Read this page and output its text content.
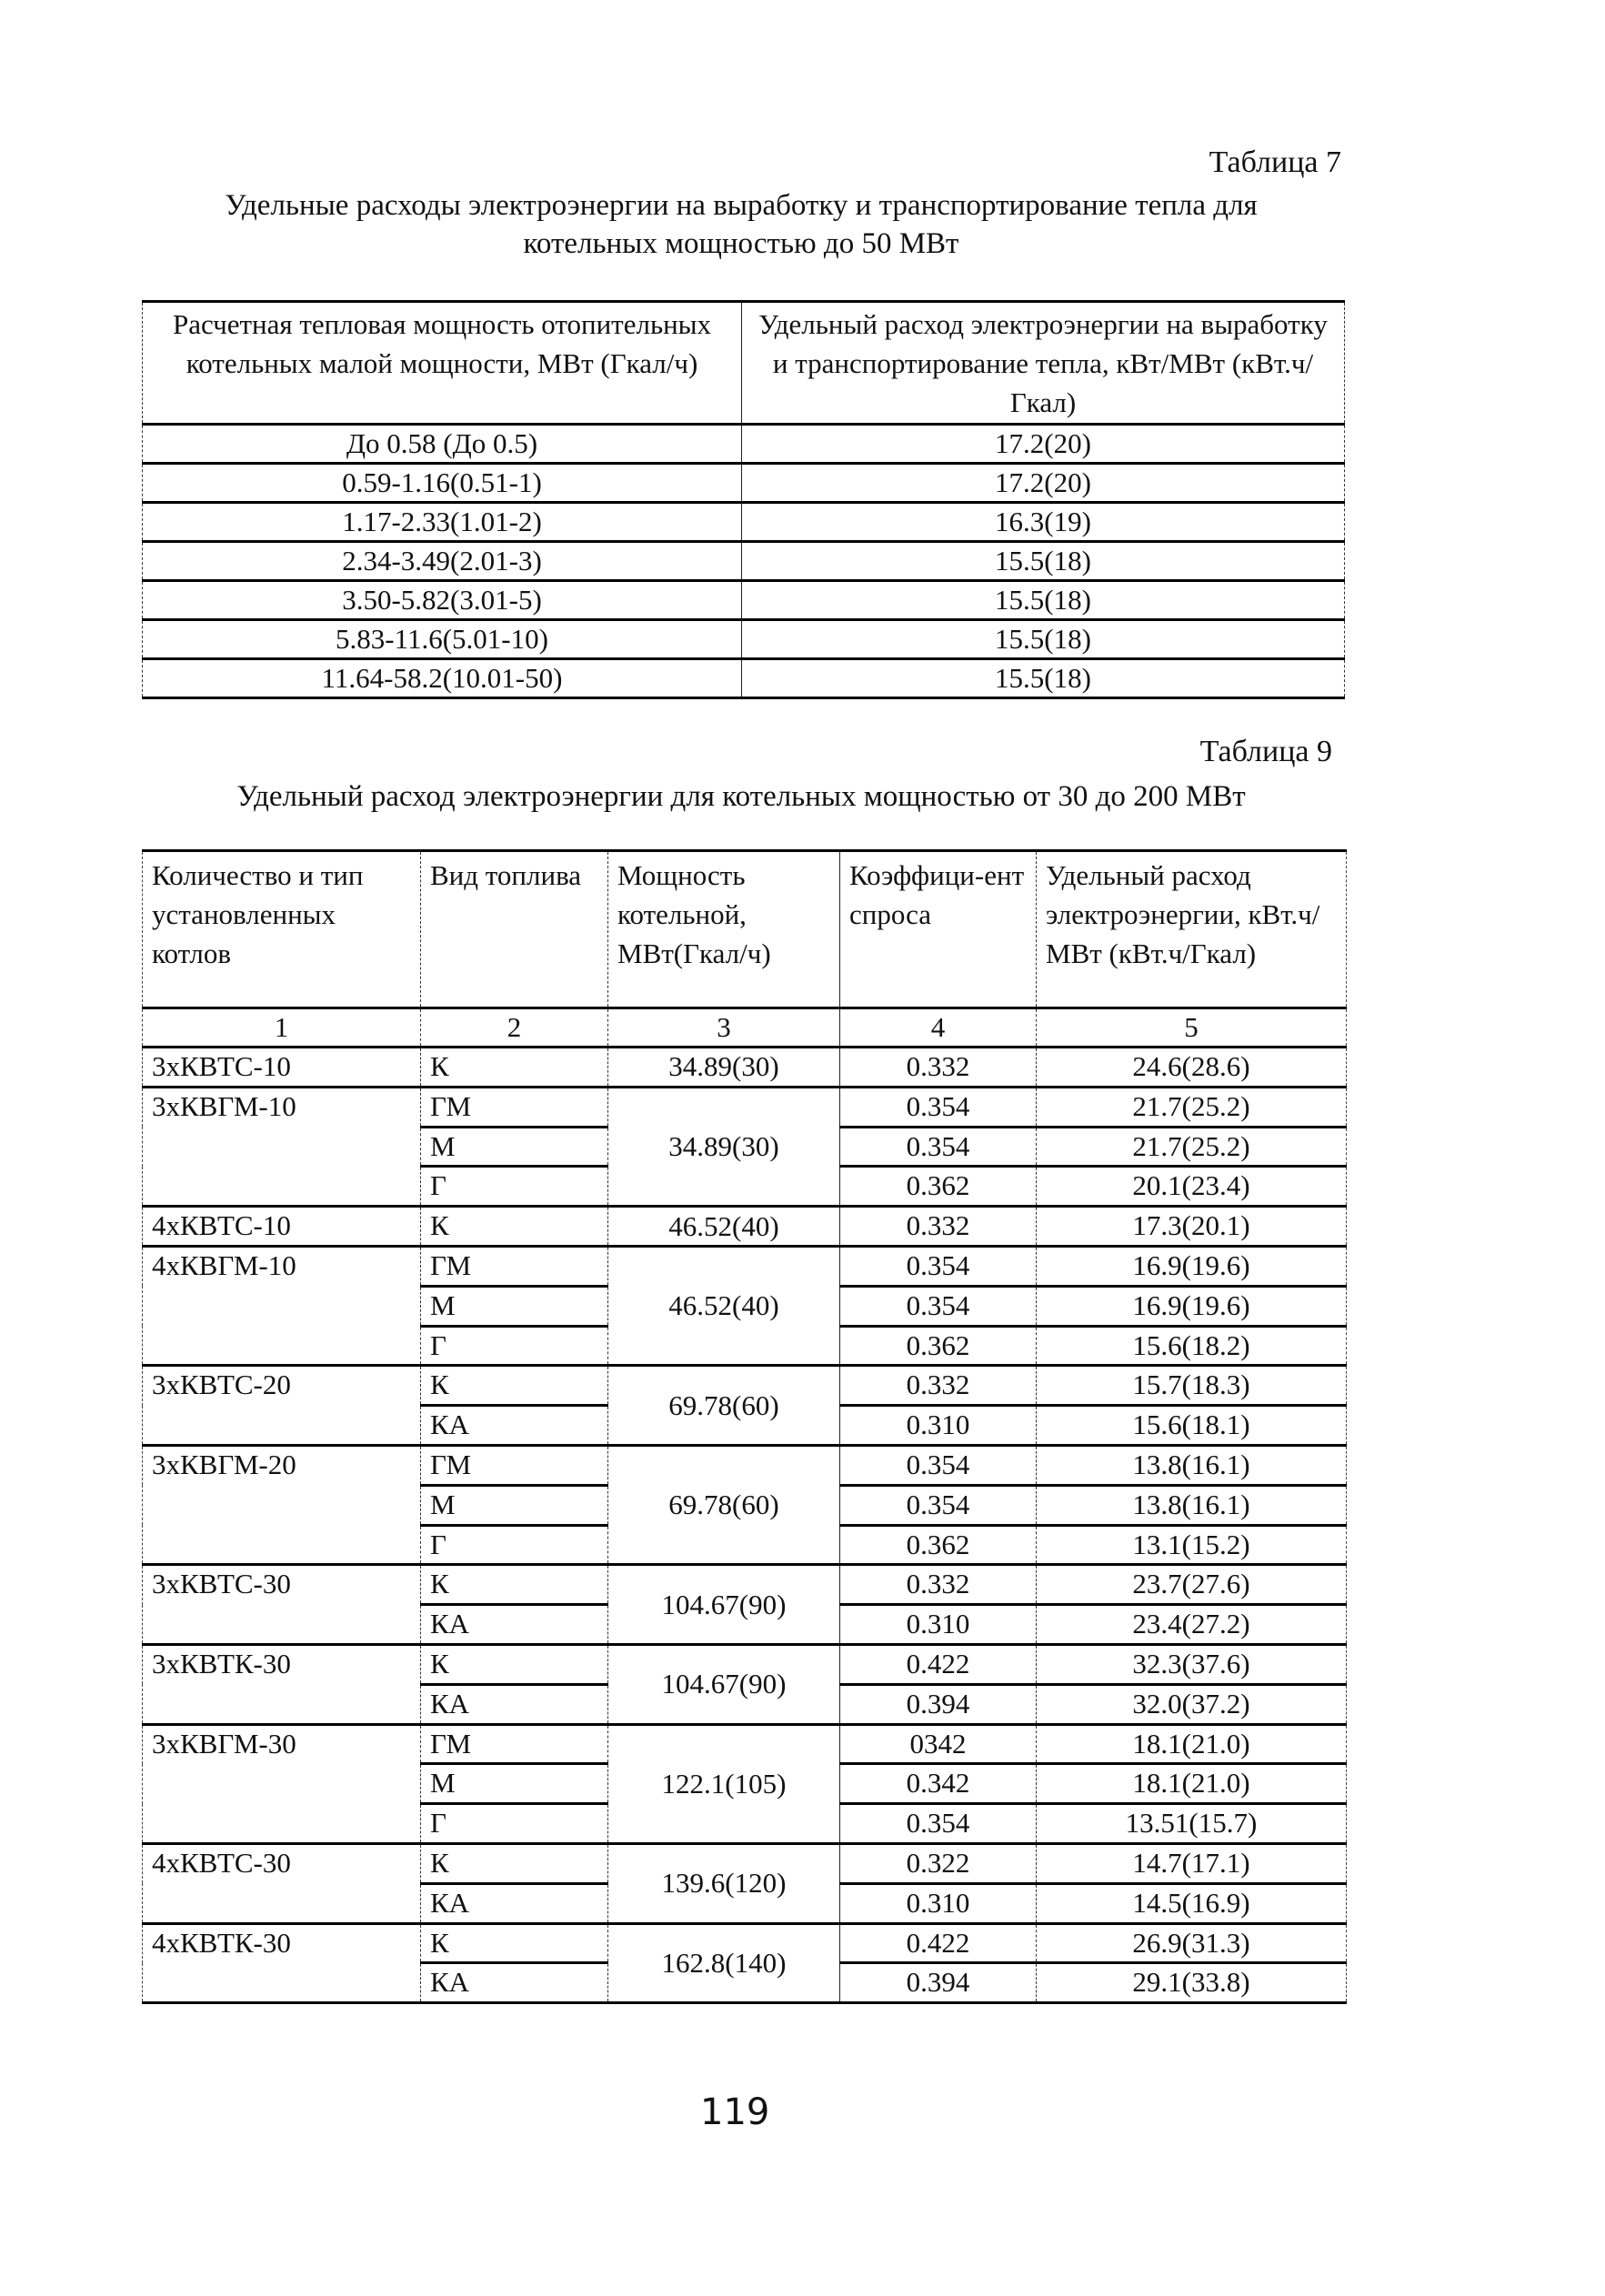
Таблица 7
Удельные расходы электроэнергии на выработку и транспортирование тепла для
котельных мощностью до 50 МВт
Расчетная тепловая мощность отопительных котельных малой мощности, МВт (Гкал/ч)	Удельный расход электроэнергии на выработку и транспортирование тепла, кВт/МВт (кВт.ч/Гкал)
До 0.58 (До 0.5)	17.2(20)
0.59-1.16(0.51-1)	17.2(20)
1.17-2.33(1.01-2)	16.3(19)
2.34-3.49(2.01-3)	15.5(18)
3.50-5.82(3.01-5)	15.5(18)
5.83-11.6(5.01-10)	15.5(18)
11.64-58.2(10.01-50)	15.5(18)
Таблица 9
Удельный расход электроэнергии для котельных мощностью от 30 до 200 МВт
Количество и тип установленных котлов	Вид топлива	Мощность котельной, МВт(Гкал/ч)	Коэффици-ент спроса	Удельный расход электроэнергии, кВт.ч/МВт (кВт.ч/Гкал)
1	2	3	4	5
3хКВТС-10	К	34.89(30)	0.332	24.6(28.6)
3хКВГМ-10	ГМ	34.89(30)	0.354	21.7(25.2)
	М		0.354	21.7(25.2)
	Г		0.362	20.1(23.4)
4хКВТС-10	К	46.52(40)	0.332	17.3(20.1)
4хКВГМ-10	ГМ	46.52(40)	0.354	16.9(19.6)
	М		0.354	16.9(19.6)
	Г		0.362	15.6(18.2)
3хКВТС-20	К	69.78(60)	0.332	15.7(18.3)
	КА		0.310	15.6(18.1)
3хКВГМ-20	ГМ	69.78(60)	0.354	13.8(16.1)
	М		0.354	13.8(16.1)
	Г		0.362	13.1(15.2)
3хКВТС-30	К	104.67(90)	0.332	23.7(27.6)
	КА		0.310	23.4(27.2)
3хКВТК-30	К	104.67(90)	0.422	32.3(37.6)
	КА		0.394	32.0(37.2)
3хКВГМ-30	ГМ	122.1(105)	0342	18.1(21.0)
	М		0.342	18.1(21.0)
	Г		0.354	13.51(15.7)
4хКВТС-30	К	139.6(120)	0.322	14.7(17.1)
	КА		0.310	14.5(16.9)
4хКВТК-30	К	162.8(140)	0.422	26.9(31.3)
	КА		0.394	29.1(33.8)
119
